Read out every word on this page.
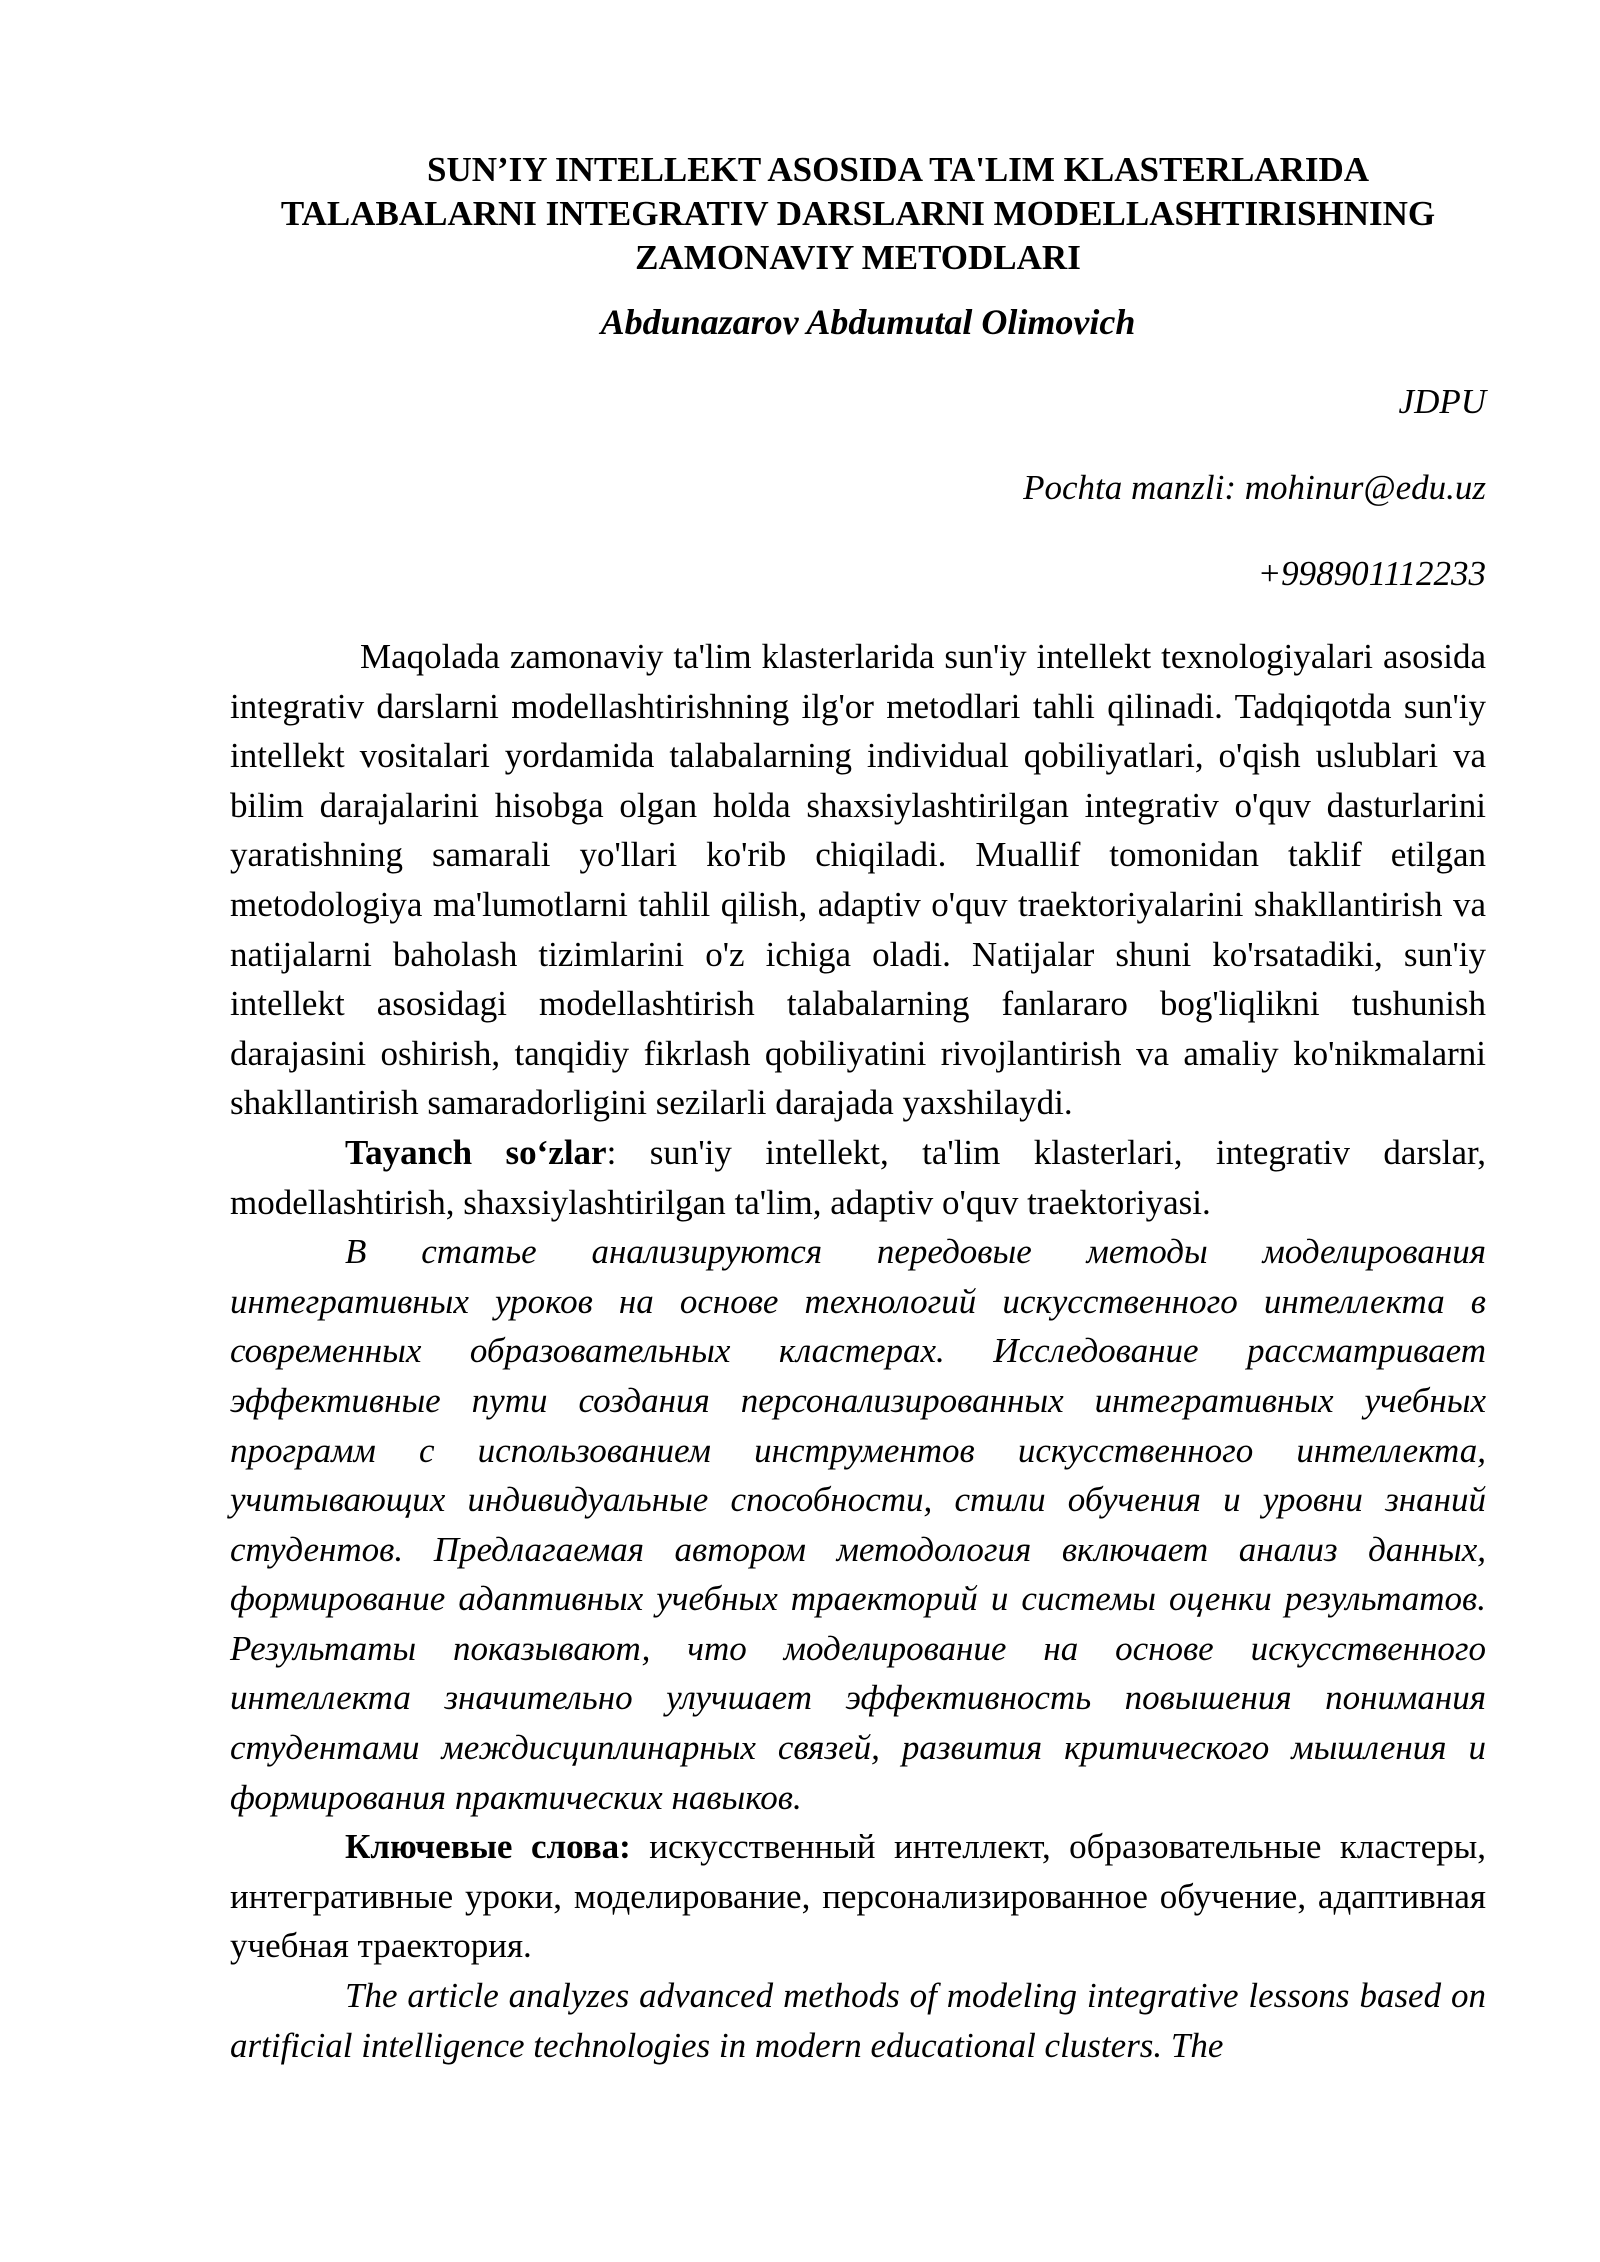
SUN’IY INTELLEKT ASOSIDA TA'LIM KLASTERLARIDA
TALABALARNI INTEGRATIV DARSLARNI MODELLASHTIRISHNING
ZAMONAVIY METODLARI
Abdunazarov Abdumutal Olimovich
JDPU
Pochta manzli: mohinur@edu.uz
+998901112233

Maqolada zamonaviy ta'lim klasterlarida sun'iy intellekt texnologiyalari asosida integrativ darslarni modellashtirishning ilg'or metodlari tahli qilinadi. Tadqiqotda sun'iy intellekt vositalari yordamida talabalarning individual qobiliyatlari, o'qish uslublari va bilim darajalarini hisobga olgan holda shaxsiylashtirilgan integrativ o'quv dasturlarini yaratishning samarali yo'llari ko'rib chiqiladi. Muallif tomonidan taklif etilgan metodologiya ma'lumotlarni tahlil qilish, adaptiv o'quv traektoriyalarini shakllantirish va natijalarni baholash tizimlarini o'z ichiga oladi. Natijalar shuni ko'rsatadiki, sun'iy intellekt asosidagi modellashtirish talabalarning fanlararo bog'liqlikni tushunish darajasini oshirish, tanqidiy fikrlash qobiliyatini rivojlantirish va amaliy ko'nikmalarni shakllantirish samaradorligini sezilarli darajada yaxshilaydi.

Tayanch so‘zlar: sun'iy intellekt, ta'lim klasterlari, integrativ darslar, modellashtirish, shaxsiylashtirilgan ta'lim, adaptiv o'quv traektoriyasi.

В статье анализируются передовые методы моделирования интегративных уроков на основе технологий искусственного интеллекта в современных образовательных кластерах. Исследование рассматривает эффективные пути создания персонализированных интегративных учебных программ с использованием инструментов искусственного интеллекта, учитывающих индивидуальные способности, стили обучения и уровни знаний студентов. Предлагаемая автором методология включает анализ данных, формирование адаптивных учебных траекторий и системы оценки результатов. Результаты показывают, что моделирование на основе искусственного интеллекта значительно улучшает эффективность повышения понимания студентами междисциплинарных связей, развития критического мышления и формирования практических навыков.

Ключевые слова: искусственный интеллект, образовательные кластеры, интегративные уроки, моделирование, персонализированное обучение, адаптивная учебная траектория.

The article analyzes advanced methods of modeling integrative lessons based on artificial intelligence technologies in modern educational clusters. The
